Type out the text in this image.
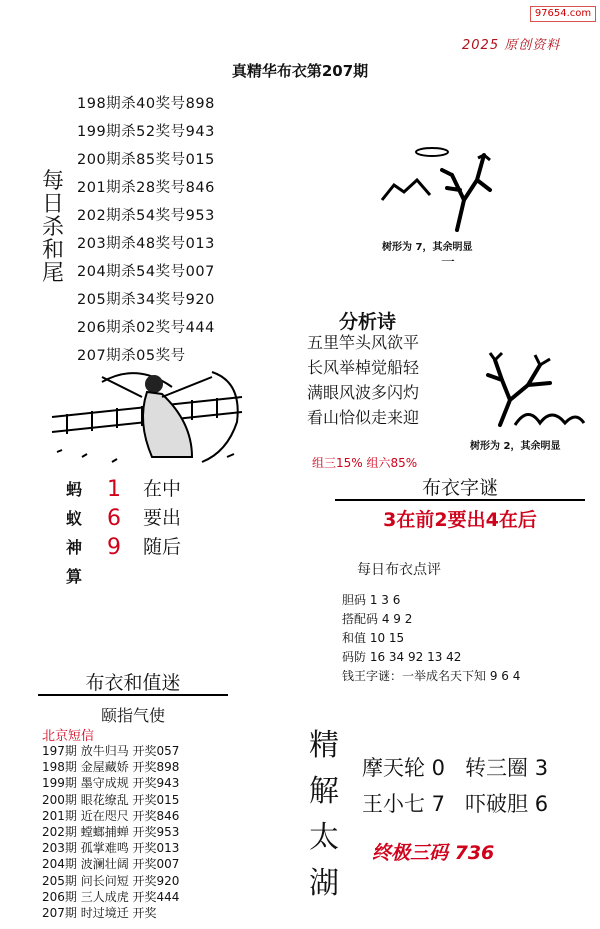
97654.com
2025 原创资料
真精华布衣第207期
198期杀40奖号898
199期杀52奖号943
200期杀85奖号015
201期杀28奖号846
202期杀54奖号953
203期杀48奖号013
204期杀54奖号007
205期杀34奖号920
206期杀02奖号444
207期杀05奖号
每日杀和尾
树形为 7，其余明显
一
分析诗
五里竿头风欲平
长风举棹觉船轻
满眼风波多闪灼
看山恰似走来迎
树形为 2，其余明显
组三15% 组六85%
蚂蚁神算
1
6
9
在中
要出
随后
布衣字谜
3在前2要出4在后
每日布衣点评
胆码 1 3 6
搭配码 4 9 2
和值 10 15
码防 16 34 92 13 42
钱王字谜：一举成名天下知 9 6 4
布衣和值迷
颐指气使
北京短信
197期 放牛归马 开奖057
198期 金屋藏娇 开奖898
199期 墨守成规 开奖943
200期 眼花缭乱 开奖015
201期 近在咫尺 开奖846
202期 螳螂捕蝉 开奖953
203期 孤掌难鸣 开奖013
204期 波澜壮阔 开奖007
205期 问长问短 开奖920
206期 三人成虎 开奖444
207期 时过境迁 开奖
精解太湖
摩天轮 0   转三圈 3
王小七 7   吓破胆 6
终极三码 736
